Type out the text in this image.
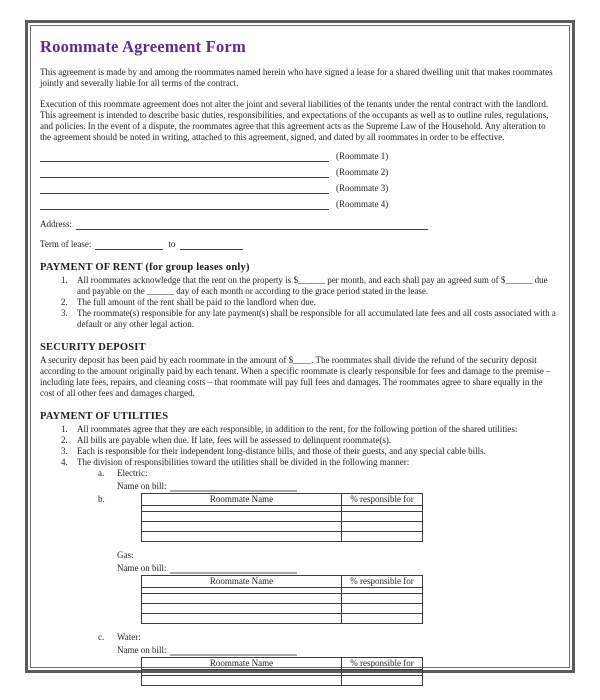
Roommate Agreement Form

This agreement is made by and among the roommates named herein who have signed a lease for a shared dwelling unit that makes roommates jointly and severally liable for all terms of the contract.

Execution of this roommate agreement does not alter the joint and several liabilities of the tenants under the rental contract with the landlord. This agreement is intended to describe basic duties, responsibilities, and expectations of the occupants as well as to outline rules, regulations, and policies. In the event of a dispute, the roommates agree that this agreement acts as the Supreme Law of the Household. Any alteration to the agreement should be noted in writing, attached to this agreement, signed, and dated by all roommates in order to be effective.

(Roommate 1)
(Roommate 2)
(Roommate 3)
(Roommate 4)
Address:
Term of lease:	to
PAYMENT OF RENT (for group leases only)
1.	All roommates acknowledge that the rent on the property is $______ per month, and each shall pay an agreed sum of $______ due and payable on the ______ day of each month or according to the grace period stated in the lease.
2.	The full amount of the rent shall be paid to the landlord when due.
3.	The roommate(s) responsible for any late payment(s) shall be responsible for all accumulated late fees and all costs associated with a default or any other legal action.
SECURITY DEPOSIT

A security deposit has been paid by each roommate in the amount of $____. The roommates shall divide the refund of the security deposit according to the amount originally paid by each tenant. When a specific roommate is clearly responsible for fees and damage to the premise – including late fees, repairs, and cleaning costs – that roommate will pay full fees and damages. The roommates agree to share equally in the cost of all other fees and damages charged.

PAYMENT OF UTILITIES
1.	All roommates agree that they are each responsible, in addition to the rent, for the following portion of the shared utilities:
2.	All bills are payable when due. If late, fees will be assessed to delinquent roommate(s).
3.	Each is responsible for their independent long-distance bills, and those of their guests, and any special cable bills.
4.	The division of responsibilities toward the utilities shall be divided in the following manner:
a.	Electric:
Name on bill:
b.	Roommate Name	% responsible for

Gas:
Name on bill:
Roommate Name	% responsible for

c.	Water:
Name on bill:
Roommate Name	% responsible for
